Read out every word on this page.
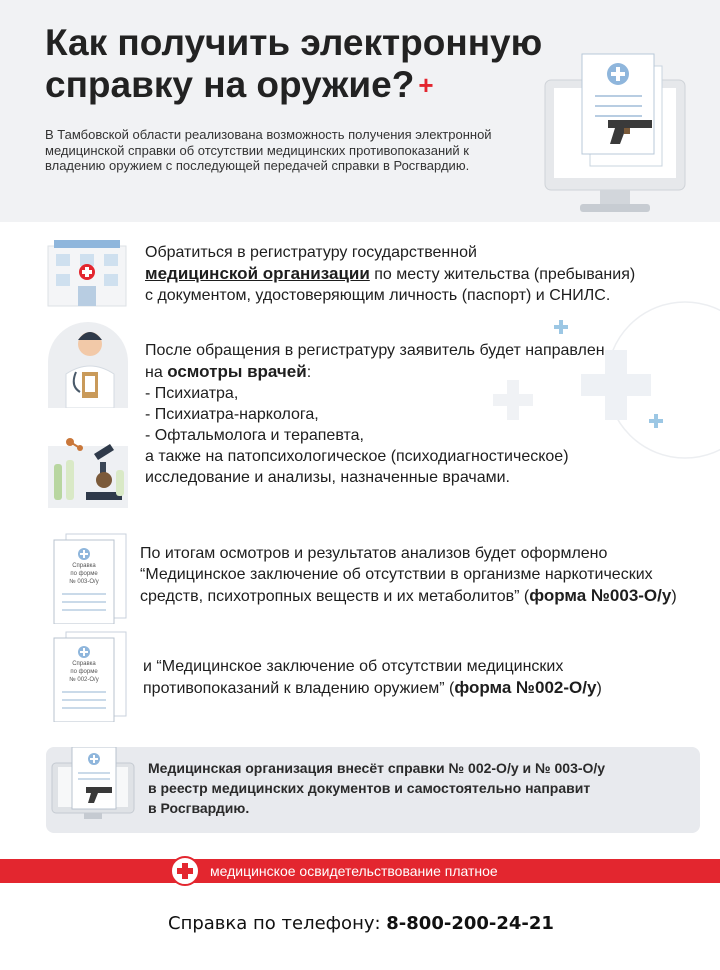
Как получить электронную
справку на оружие? +
В Тамбовской области реализована возможность получения электронной медицинской справки об отсутствии медицинских противопоказаний к владению оружием с последующей передачей справки в Росгвардию.
Обратиться в регистратуру государственной
медицинской организации по месту жительства (пребывания)
с документом, удостоверяющим личность (паспорт) и СНИЛС.
После обращения в регистратуру заявитель будет направлен
на осмотры врачей:
- Психиатра,
- Психиатра-нарколога,
- Офтальмолога и терапевта,
а также на патопсихологическое (психодиагностическое)
исследование и анализы, назначенные врачами.
Справка
по форме
№ 003-О/у
По итогам осмотров и результатов анализов будет оформлено
“Медицинское заключение об отсутствии в организме наркотических
средств, психотропных веществ и их метаболитов” (форма №003-О/у)
Справка
по форме
№ 002-О/у
и “Медицинское заключение об отсутствии медицинских
противопоказаний к владению оружием” (форма №002-О/у)
Медицинская организация внесёт справки № 002-О/у и № 003-О/у
в реестр медицинских документов и самостоятельно направит
в Росгвардию.
медицинское освидетельствование платное
Справка по телефону: 8-800-200-24-21
